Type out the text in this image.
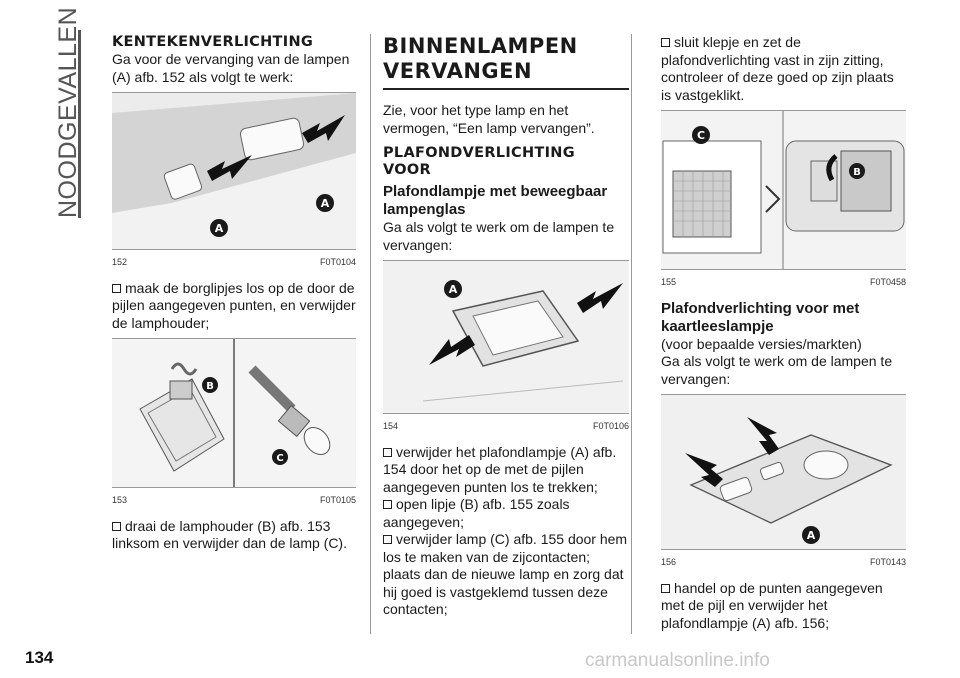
NOODGEVALLEN
134	carmanualsonline.info
KENTEKENVERLICHTING

Ga voor de vervanging van de lampen (A) afb. 152 als volgt te werk:

A
A
152	F0T0104

maak de borglipjes los op de door de pijlen aangegeven punten, en verwijder de lamphouder;

B
C
153	F0T0105

draai de lamphouder (B) afb. 153 linksom en verwijder dan de lamp (C).

BINNENLAMPEN
VERVANGEN

Zie, voor het type lamp en het vermogen, “Een lamp vervangen”.

PLAFONDVERLICHTING
VOOR
Plafondlampje met beweegbaar lampenglas

Ga als volgt te werk om de lampen te vervangen:

A
154	F0T0106

verwijder het plafondlampje (A) afb. 154 door het op de met de pijlen aangegeven punten los te trekken;

open lipje (B) afb. 155 zoals aangegeven;

verwijder lamp (C) afb. 155 door hem los te maken van de zijcontacten; plaats dan de nieuwe lamp en zorg dat hij goed is vastgeklemd tussen deze contacten;

sluit klepje en zet de plafondverlichting vast in zijn zitting, controleer of deze goed op zijn plaats is vastgeklikt.

C
B
155	F0T0458
Plafondverlichting voor met kaartleeslampje

(voor bepaalde versies/markten)

Ga als volgt te werk om de lampen te vervangen:

A
156	F0T0143

handel op de punten aangegeven met de pijl en verwijder het plafondlampje (A) afb. 156;
